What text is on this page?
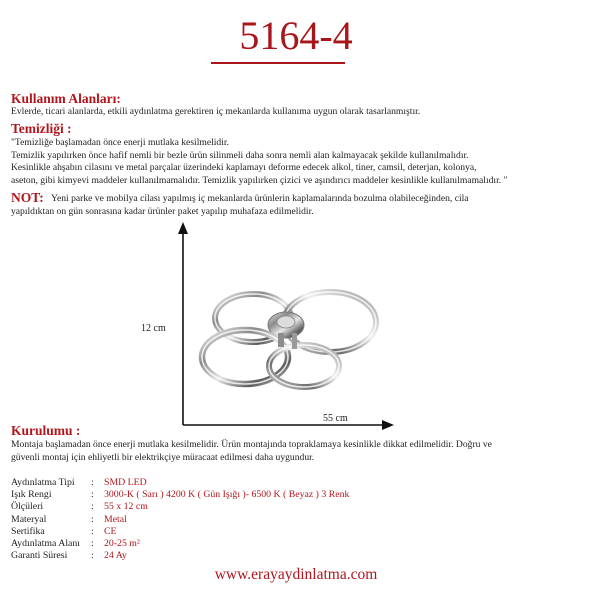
5164-4
Kullanım Alanları:
Evlerde, ticari alanlarda, etkili aydınlatma gerektiren iç mekanlarda kullanıma uygun olarak tasarlanmıştır.
Temizliği :
"Temizliğe başlamadan önce enerji mutlaka kesilmelidir.
Temizlik yapılırken önce hafif nemli bir bezle ürün silinmeli daha sonra nemli alan kalmayacak şekilde kullanılmalıdır.
Kesinlikle ahşabın cilasını ve metal parçalar üzerindeki kaplamayı deforme edecek alkol, tiner, camsil, deterjan, kolonya,
aseton, gibi kimyevi maddeler kullanılmamalıdır. Temizlik yapılırken çizici ve aşındırıcı maddeler kesinlikle kullanılmamalıdır. "
NOT: Yeni parke ve mobilya cilası yapılmış iç mekanlarda ürünlerin kaplamalarında bozulma olabileceğinden, cila
yapıldıktan on gün sonrasına kadar ürünler paket yapılıp muhafaza edilmelidir.
12 cm
55 cm
Kurulumu :
Montaja başlamadan önce enerji mutlaka kesilmelidir. Ürün montajında topraklamaya kesinlikle dikkat edilmelidir. Doğru ve
güvenli montaj için ehliyetli bir elektrikçiye müracaat edilmesi daha uygundur.
Aydınlatma Tipi : SMD LED
Işık Rengi	: 3000-K ( Sarı ) 4200 K ( Gün Işığı )- 6500 K ( Beyaz ) 3 Renk
Ölçüleri	: 55 x 12 cm
Materyal	: Metal
Sertifika	: CE
Aydınlatma Alanı : 20-25 m²
Garanti Süresi : 24 Ay
www.erayaydinlatma.com
